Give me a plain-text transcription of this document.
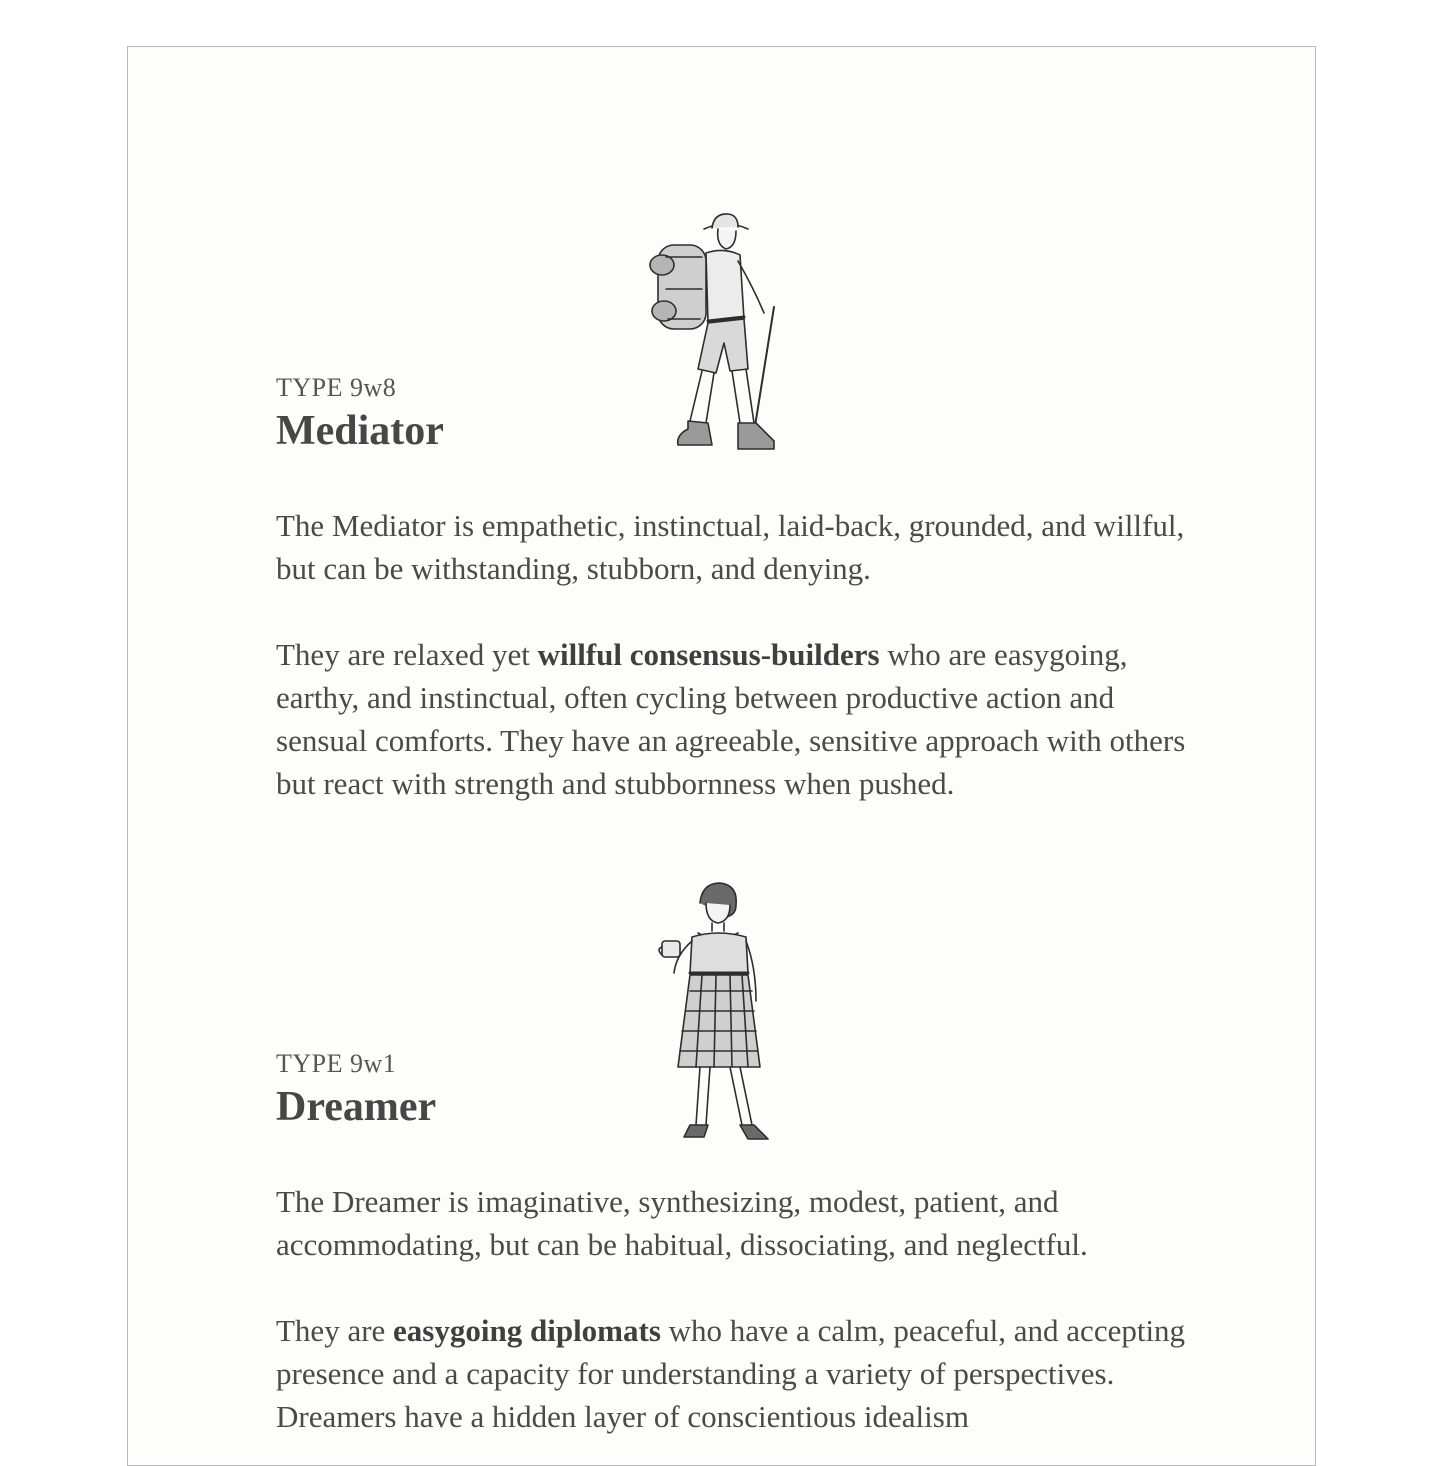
TYPE 9w8
Mediator
The Mediator is empathetic, instinctual, laid-back, grounded, and willful, but can be withstanding, stubborn, and denying.
They are relaxed yet willful consensus-builders who are easygoing, earthy, and instinctual, often cycling between productive action and sensual comforts. They have an agreeable, sensitive approach with others but react with strength and stubbornness when pushed.
TYPE 9w1
Dreamer
The Dreamer is imaginative, synthesizing, modest, patient, and accommodating, but can be habitual, dissociating, and neglectful.
They are easygoing diplomats who have a calm, peaceful, and accepting presence and a capacity for understanding a variety of perspectives. Dreamers have a hidden layer of conscientious idealism
